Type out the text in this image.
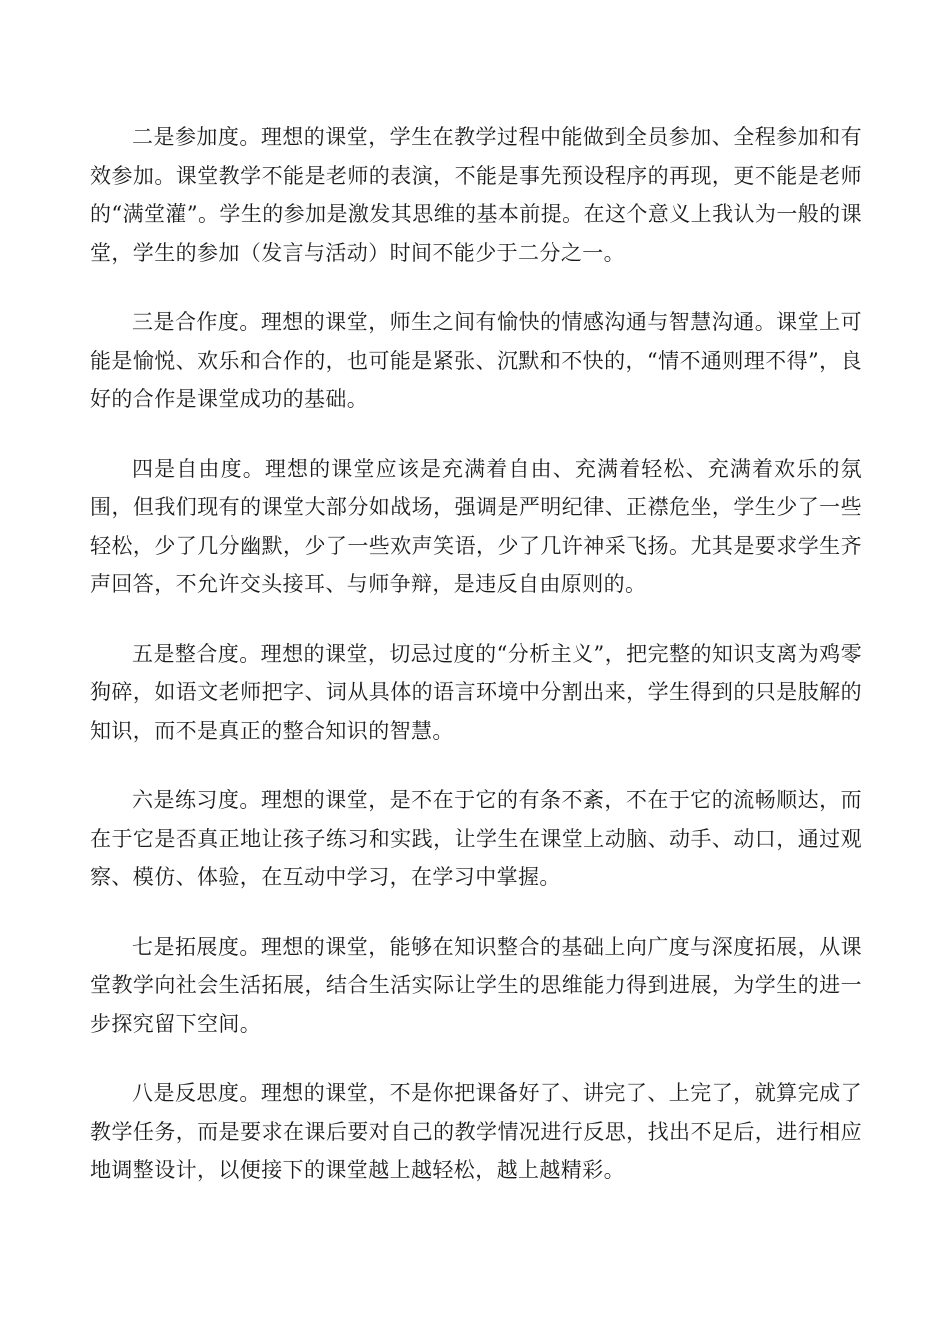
二是参加度。理想的课堂，学生在教学过程中能做到全员参加、全程参加和有效参加。课堂教学不能是老师的表演，不能是事先预设程序的再现，更不能是老师的“满堂灌”。学生的参加是激发其思维的基本前提。在这个意义上我认为一般的课堂，学生的参加（发言与活动）时间不能少于二分之一。

三是合作度。理想的课堂，师生之间有愉快的情感沟通与智慧沟通。课堂上可能是愉悦、欢乐和合作的，也可能是紧张、沉默和不快的，“情不通则理不得”，良好的合作是课堂成功的基础。

四是自由度。理想的课堂应该是充满着自由、充满着轻松、充满着欢乐的氛围，但我们现有的课堂大部分如战场，强调是严明纪律、正襟危坐，学生少了一些轻松，少了几分幽默，少了一些欢声笑语，少了几许神采飞扬。尤其是要求学生齐声回答，不允许交头接耳、与师争辩，是违反自由原则的。

五是整合度。理想的课堂，切忌过度的“分析主义”，把完整的知识支离为鸡零狗碎，如语文老师把字、词从具体的语言环境中分割出来，学生得到的只是肢解的知识，而不是真正的整合知识的智慧。

六是练习度。理想的课堂，是不在于它的有条不紊，不在于它的流畅顺达，而在于它是否真正地让孩子练习和实践，让学生在课堂上动脑、动手、动口，通过观察、模仿、体验，在互动中学习，在学习中掌握。

七是拓展度。理想的课堂，能够在知识整合的基础上向广度与深度拓展，从课堂教学向社会生活拓展，结合生活实际让学生的思维能力得到进展，为学生的进一步探究留下空间。

八是反思度。理想的课堂，不是你把课备好了、讲完了、上完了，就算完成了教学任务，而是要求在课后要对自己的教学情况进行反思，找出不足后，进行相应地调整设计，以便接下的课堂越上越轻松，越上越精彩。
